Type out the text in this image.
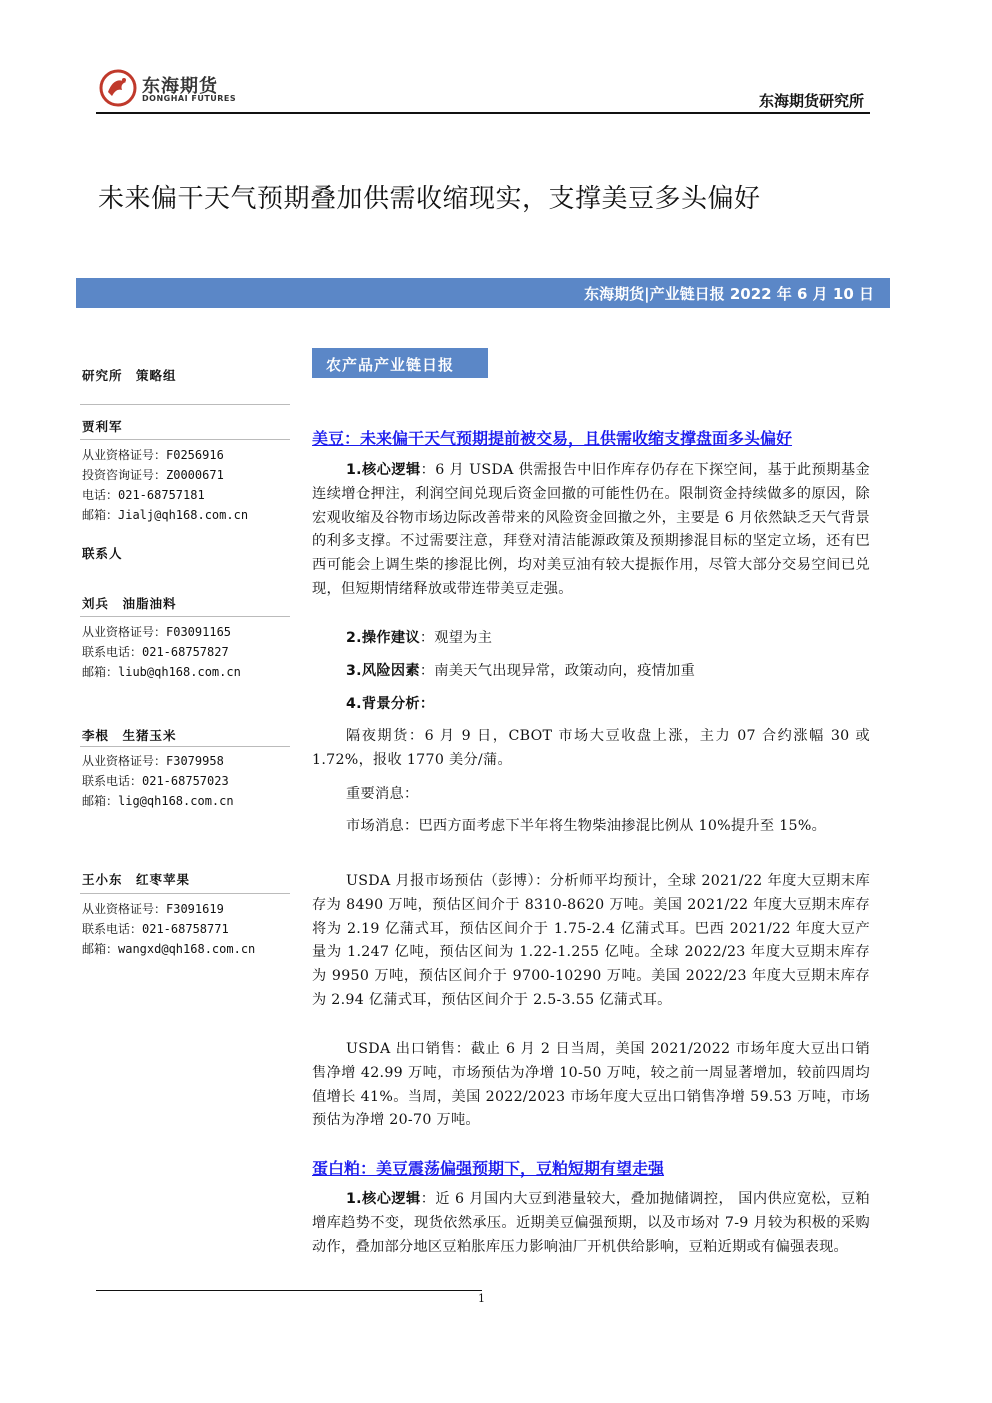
东海期货
DONGHAI FUTURES	东海期货研究所
未来偏干天气预期叠加供需收缩现实，支撑美豆多头偏好
东海期货|产业链日报 2022 年 6 月 10 日
研究所　策略组
贾利军
从业资格证号：F0256916
投资咨询证号：Z0000671
电话：021-68757181
邮箱：Jialj@qh168.com.cn
联系人
刘兵　油脂油料
从业资格证号：F03091165
联系电话：021-68757827
邮箱：liub@qh168.com.cn
李根　生猪玉米
从业资格证号：F3079958
联系电话：021-68757023
邮箱：lig@qh168.com.cn
王小东　红枣苹果
从业资格证号：F3091619
联系电话：021-68758771
邮箱：wangxd@qh168.com.cn
农产品产业链日报
美豆：未来偏干天气预期提前被交易，且供需收缩支撑盘面多头偏好
1.核心逻辑：6 月 USDA 供需报告中旧作库存仍存在下探空间，基于此预期基金连续增仓押注，利润空间兑现后资金回撤的可能性仍在。限制资金持续做多的原因，除宏观收缩及谷物市场边际改善带来的风险资金回撤之外，主要是 6 月依然缺乏天气背景的利多支撑。不过需要注意，拜登对清洁能源政策及预期掺混目标的坚定立场，还有巴西可能会上调生柴的掺混比例，均对美豆油有较大提振作用，尽管大部分交易空间已兑现，但短期情绪释放或带连带美豆走强。
2.操作建议：观望为主
3.风险因素：南美天气出现异常，政策动向，疫情加重
4.背景分析：
隔夜期货：6 月 9 日，CBOT 市场大豆收盘上涨，主力 07 合约涨幅 30 或 1.72%，报收 1770 美分/蒲。
重要消息：
市场消息：巴西方面考虑下半年将生物柴油掺混比例从 10%提升至 15%。
USDA 月报市场预估（彭博）：分析师平均预计，全球 2021/22 年度大豆期末库存为 8490 万吨，预估区间介于 8310-8620 万吨。美国 2021/22 年度大豆期末库存将为 2.19 亿蒲式耳，预估区间介于 1.75-2.4 亿蒲式耳。巴西 2021/22 年度大豆产量为 1.247 亿吨，预估区间为 1.22-1.255 亿吨。全球 2022/23 年度大豆期末库存为 9950 万吨，预估区间介于 9700-10290 万吨。美国 2022/23 年度大豆期末库存为 2.94 亿蒲式耳，预估区间介于 2.5-3.55 亿蒲式耳。
USDA 出口销售：截止 6 月 2 日当周，美国 2021/2022 市场年度大豆出口销售净增 42.99 万吨，市场预估为净增 10-50 万吨，较之前一周显著增加，较前四周均值增长 41%。当周，美国 2022/2023 市场年度大豆出口销售净增 59.53 万吨，市场预估为净增 20-70 万吨。
蛋白粕：美豆震荡偏强预期下，豆粕短期有望走强
1.核心逻辑：近 6 月国内大豆到港量较大，叠加抛储调控， 国内供应宽松，豆粕增库趋势不变，现货依然承压。近期美豆偏强预期，以及市场对 7-9 月较为积极的采购动作，叠加部分地区豆粕胀库压力影响油厂开机供给影响，豆粕近期或有偏强表现。
1
